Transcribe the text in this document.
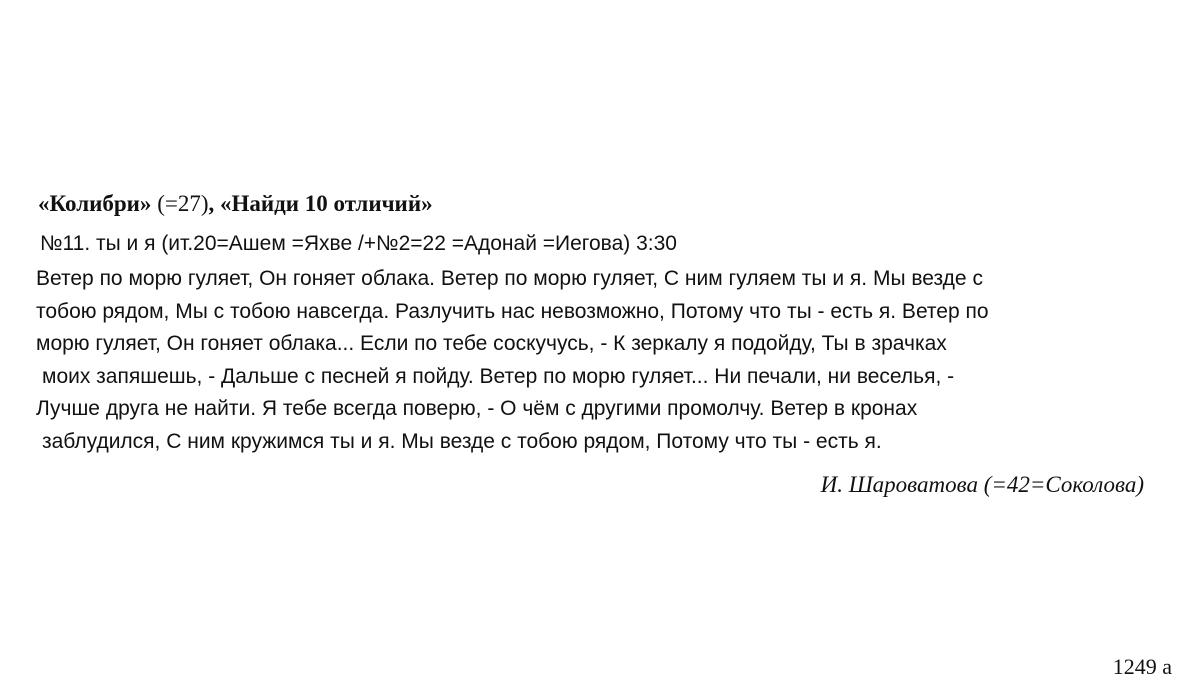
«Колибри» (=27), «Найди 10 отличий»
№11. ты и я (ит.20=Ашем =Яхве /+№2=22 =Адонай =Иегова) 3:30
Ветер по морю гуляет, Он гоняет облака. Ветер по морю гуляет, С ним гуляем ты и я. Мы везде с
тобою рядом, Мы с тобою навсегда. Разлучить нас невозможно, Потому что ты - есть я. Ветер по
морю гуляет, Он гоняет облака... Если по тебе соскучусь, - К зеркалу я подойду, Ты в зрачках
моих запяшешь, - Дальше с песней я пойду. Ветер по морю гуляет... Ни печали, ни веселья, -
Лучше друга не найти. Я тебе всегда поверю, - О чём с другими промолчу. Ветер в кронах
заблудился, С ним кружимся ты и я. Мы везде с тобою рядом, Потому что ты - есть я.
И. Шароватова (=42=Соколова)
1249 а
